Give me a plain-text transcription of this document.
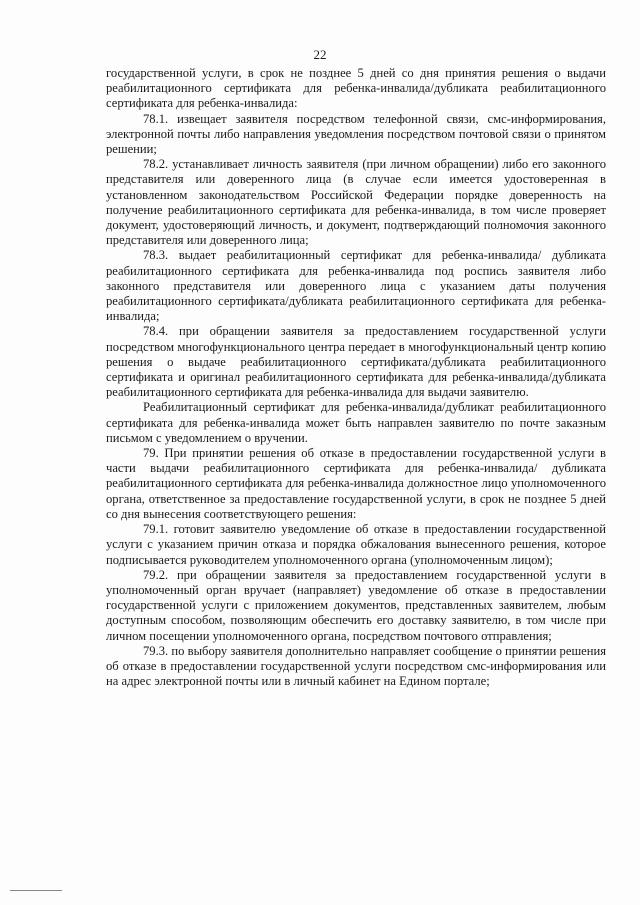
22

государственной услуги, в срок не позднее 5 дней со дня принятия решения о выдачи реабилитационного сертификата для ребенка-инвалида/дубликата реабилитационного сертификата для ребенка-инвалида:

78.1. извещает заявителя посредством телефонной связи, смс-информирования, электронной почты либо направления уведомления посредством почтовой связи о принятом решении;

78.2. устанавливает личность заявителя (при личном обращении) либо его законного представителя или доверенного лица (в случае если имеется удостоверенная в установленном законодательством Российской Федерации порядке доверенность на получение реабилитационного сертификата для ребенка-инвалида, в том числе проверяет документ, удостоверяющий личность, и документ, подтверждающий полномочия законного представителя или доверенного лица;

78.3. выдает реабилитационный сертификат для ребенка-инвалида/ дубликата реабилитационного сертификата для ребенка-инвалида под роспись заявителя либо законного представителя или доверенного лица с указанием даты получения реабилитационного сертификата/дубликата реабилитационного сертификата для ребенка-инвалида;

78.4. при обращении заявителя за предоставлением государственной услуги посредством многофункционального центра передает в многофункциональный центр копию решения о выдаче реабилитационного сертификата/дубликата реабилитационного сертификата и оригинал реабилитационного сертификата для ребенка-инвалида/дубликата реабилитационного сертификата для ребенка-инвалида для выдачи заявителю.

Реабилитационный сертификат для ребенка-инвалида/дубликат реабилитационного сертификата для ребенка-инвалида может быть направлен заявителю по почте заказным письмом с уведомлением о вручении.

79. При принятии решения об отказе в предоставлении государственной услуги в части выдачи реабилитационного сертификата для ребенка-инвалида/ дубликата реабилитационного сертификата для ребенка-инвалида должностное лицо уполномоченного органа, ответственное за предоставление государственной услуги, в срок не позднее 5 дней со дня вынесения соответствующего решения:

79.1. готовит заявителю уведомление об отказе в предоставлении государственной услуги с указанием причин отказа и порядка обжалования вынесенного решения, которое подписывается руководителем уполномоченного органа (уполномоченным лицом);

79.2. при обращении заявителя за предоставлением государственной услуги в уполномоченный орган вручает (направляет) уведомление об отказе в предоставлении государственной услуги с приложением документов, представленных заявителем, любым доступным способом, позволяющим обеспечить его доставку заявителю, в том числе при личном посещении уполномоченного органа, посредством почтового отправления;

79.3. по выбору заявителя дополнительно направляет сообщение о принятии решения об отказе в предоставлении государственной услуги посредством смс-информирования или на адрес электронной почты или в личный кабинет на Едином портале;
